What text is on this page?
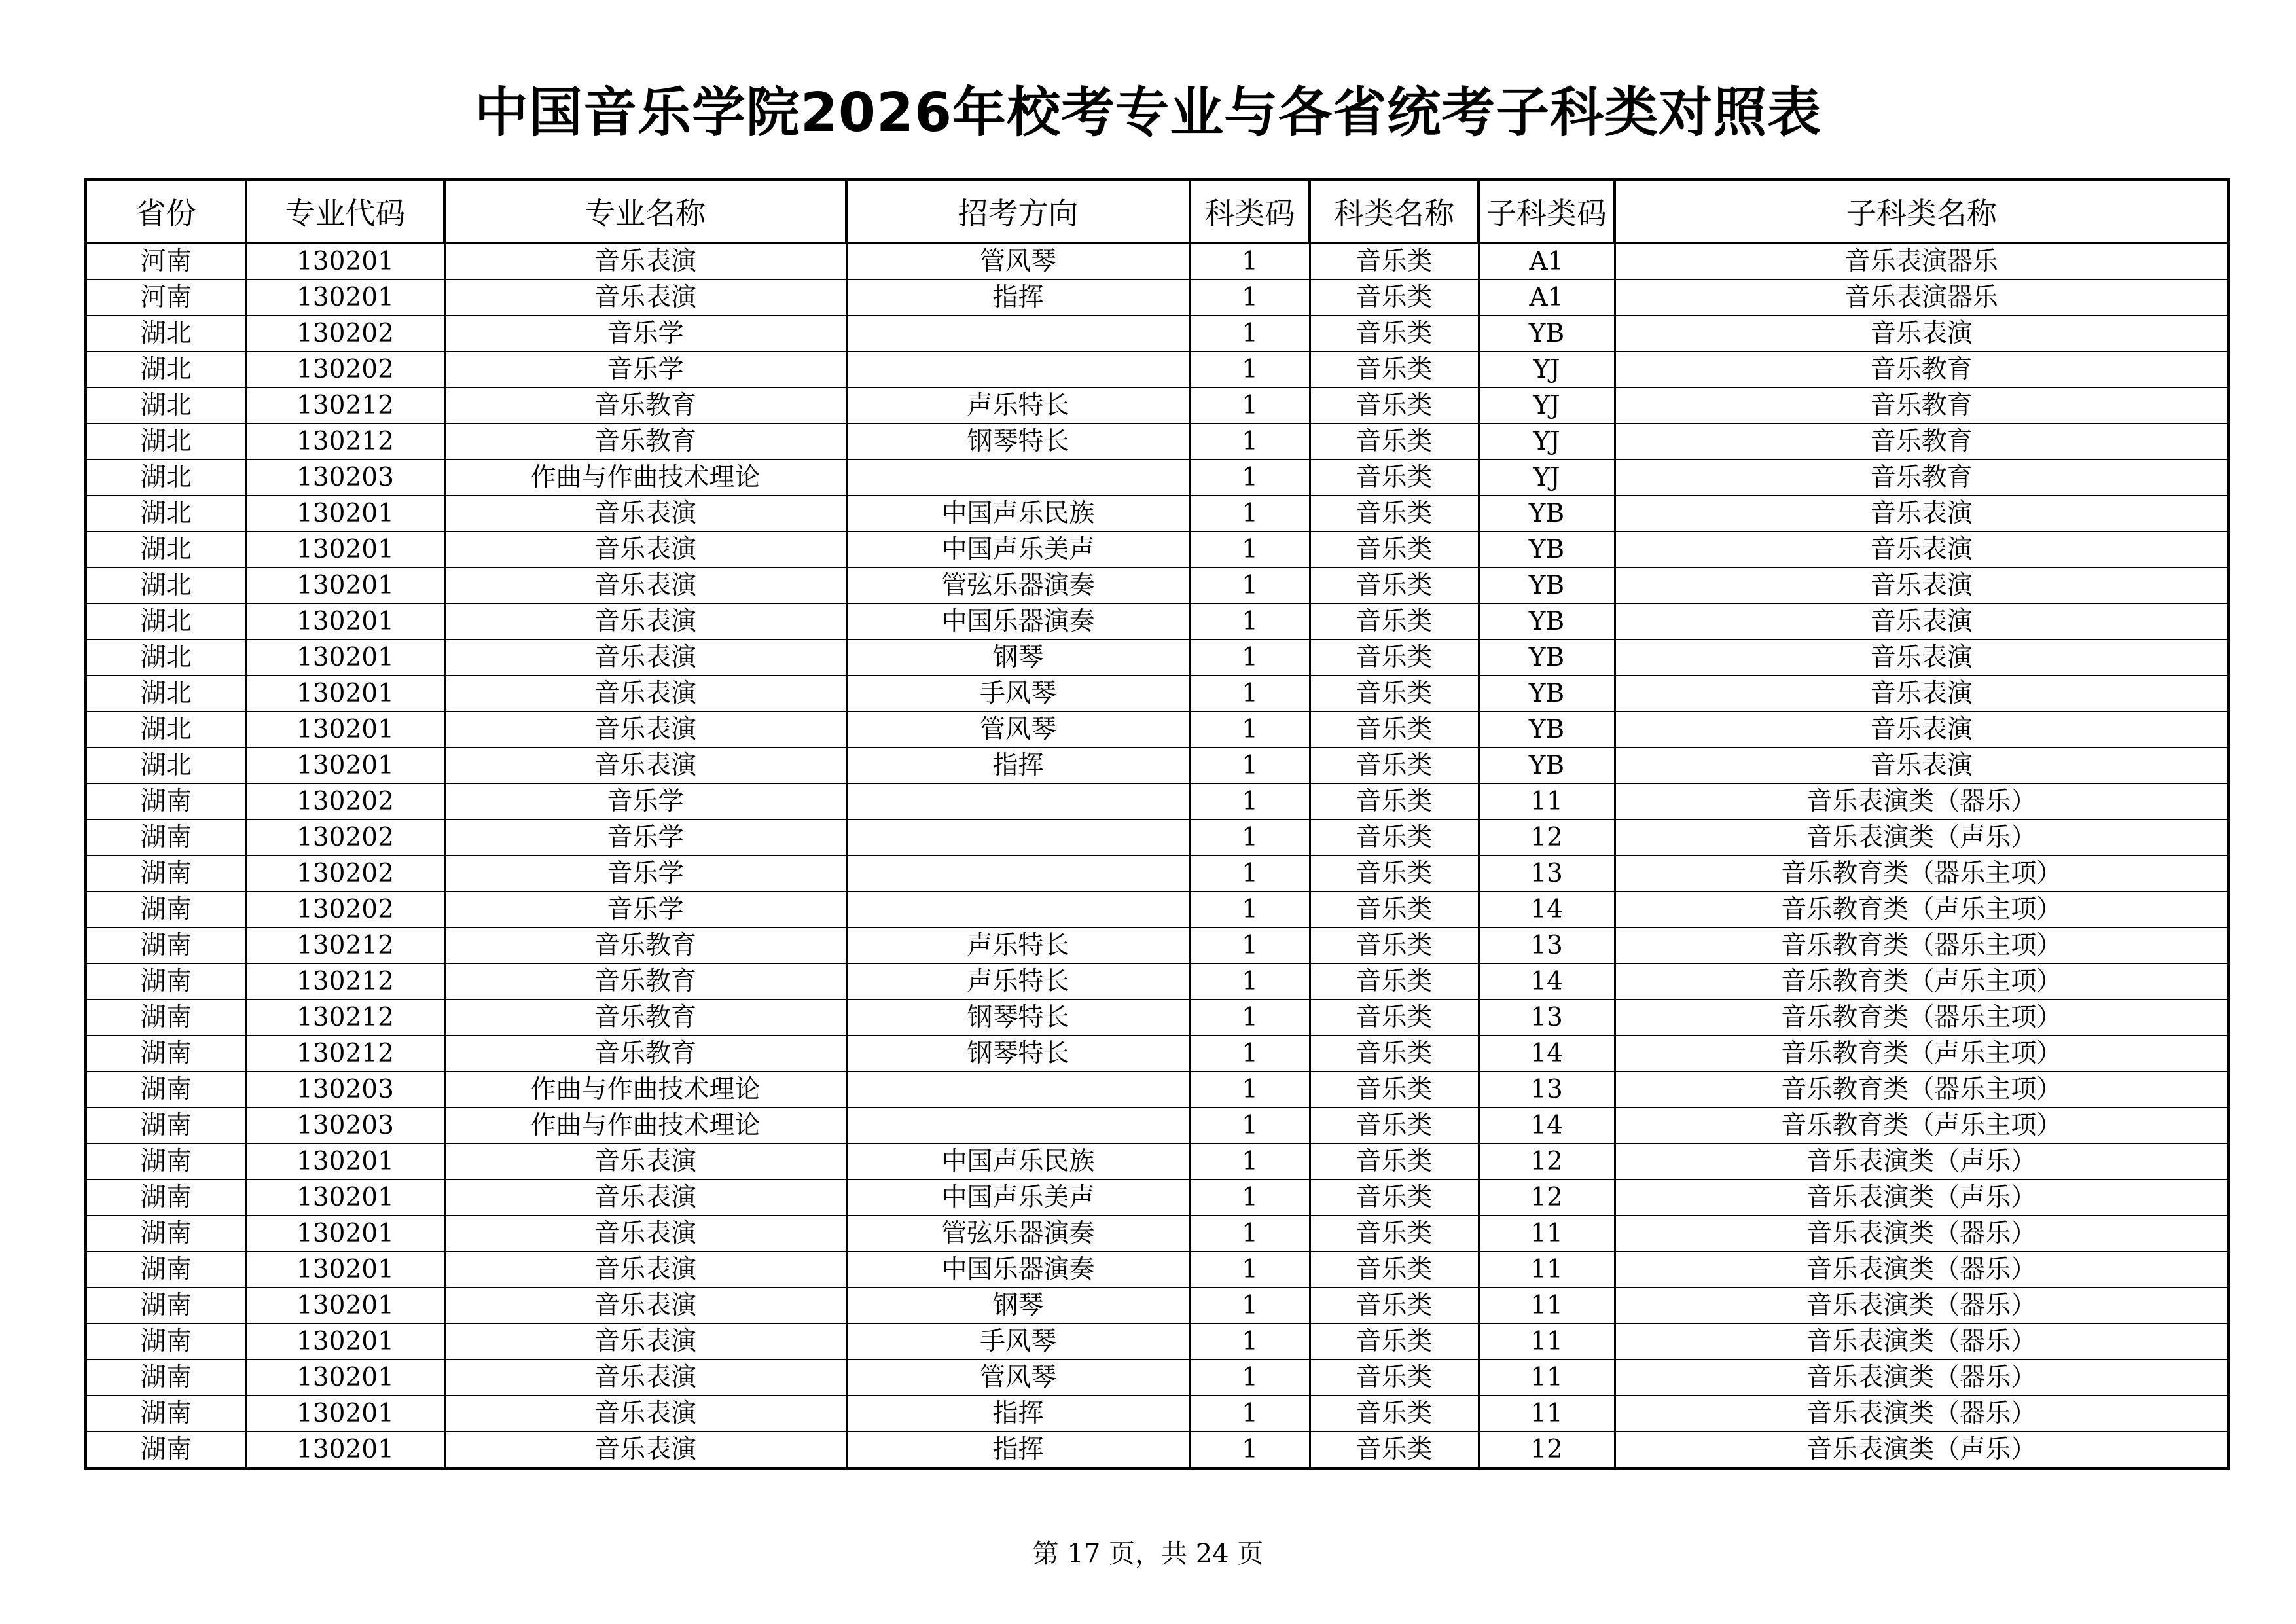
中国音乐学院2026年校考专业与各省统考子科类对照表
省份	专业代码	专业名称	招考方向	科类码	科类名称	子科类码	子科类名称
河南	130201	音乐表演	管风琴	1	音乐类	A1	音乐表演器乐
河南	130201	音乐表演	指挥	1	音乐类	A1	音乐表演器乐
湖北	130202	音乐学		1	音乐类	YB	音乐表演
湖北	130202	音乐学		1	音乐类	YJ	音乐教育
湖北	130212	音乐教育	声乐特长	1	音乐类	YJ	音乐教育
湖北	130212	音乐教育	钢琴特长	1	音乐类	YJ	音乐教育
湖北	130203	作曲与作曲技术理论		1	音乐类	YJ	音乐教育
湖北	130201	音乐表演	中国声乐民族	1	音乐类	YB	音乐表演
湖北	130201	音乐表演	中国声乐美声	1	音乐类	YB	音乐表演
湖北	130201	音乐表演	管弦乐器演奏	1	音乐类	YB	音乐表演
湖北	130201	音乐表演	中国乐器演奏	1	音乐类	YB	音乐表演
湖北	130201	音乐表演	钢琴	1	音乐类	YB	音乐表演
湖北	130201	音乐表演	手风琴	1	音乐类	YB	音乐表演
湖北	130201	音乐表演	管风琴	1	音乐类	YB	音乐表演
湖北	130201	音乐表演	指挥	1	音乐类	YB	音乐表演
湖南	130202	音乐学		1	音乐类	11	音乐表演类（器乐）
湖南	130202	音乐学		1	音乐类	12	音乐表演类（声乐）
湖南	130202	音乐学		1	音乐类	13	音乐教育类（器乐主项）
湖南	130202	音乐学		1	音乐类	14	音乐教育类（声乐主项）
湖南	130212	音乐教育	声乐特长	1	音乐类	13	音乐教育类（器乐主项）
湖南	130212	音乐教育	声乐特长	1	音乐类	14	音乐教育类（声乐主项）
湖南	130212	音乐教育	钢琴特长	1	音乐类	13	音乐教育类（器乐主项）
湖南	130212	音乐教育	钢琴特长	1	音乐类	14	音乐教育类（声乐主项）
湖南	130203	作曲与作曲技术理论		1	音乐类	13	音乐教育类（器乐主项）
湖南	130203	作曲与作曲技术理论		1	音乐类	14	音乐教育类（声乐主项）
湖南	130201	音乐表演	中国声乐民族	1	音乐类	12	音乐表演类（声乐）
湖南	130201	音乐表演	中国声乐美声	1	音乐类	12	音乐表演类（声乐）
湖南	130201	音乐表演	管弦乐器演奏	1	音乐类	11	音乐表演类（器乐）
湖南	130201	音乐表演	中国乐器演奏	1	音乐类	11	音乐表演类（器乐）
湖南	130201	音乐表演	钢琴	1	音乐类	11	音乐表演类（器乐）
湖南	130201	音乐表演	手风琴	1	音乐类	11	音乐表演类（器乐）
湖南	130201	音乐表演	管风琴	1	音乐类	11	音乐表演类（器乐）
湖南	130201	音乐表演	指挥	1	音乐类	11	音乐表演类（器乐）
湖南	130201	音乐表演	指挥	1	音乐类	12	音乐表演类（声乐）
第 17 页，共 24 页
